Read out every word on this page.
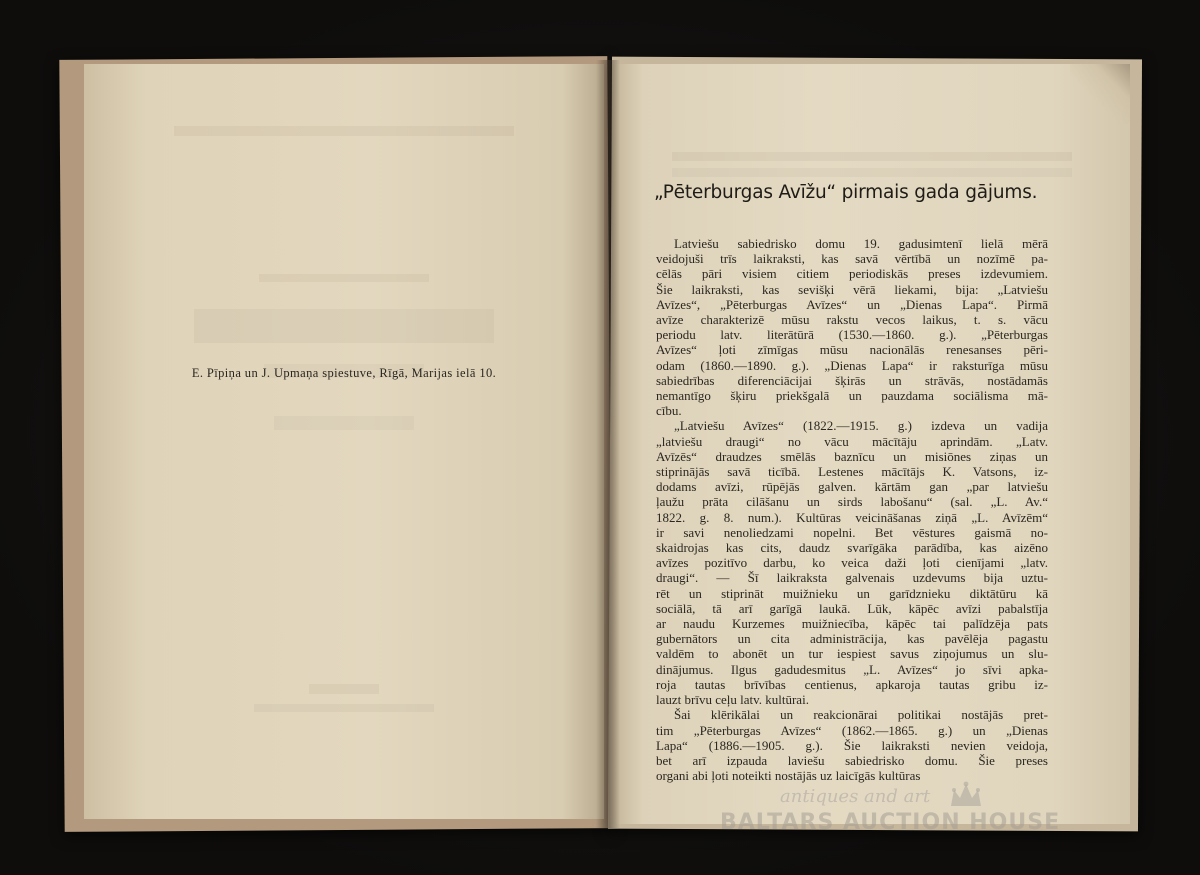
E. Pīpiņa un J. Upmaņa spiestuve, Rīgā, Marijas ielā 10.
„Pēterburgas Avīžu“ pirmais gada gājums.
Latviešu sabiedrisko domu 19. gadusimtenī lielā mērā
veidojuši trīs laikraksti, kas savā vērtībā un nozīmē pa-
cēlās pāri visiem citiem periodiskās preses izdevumiem.
Šie laikraksti, kas sevišķi vērā liekami, bija: „Latviešu
Avīzes“, „Pēterburgas Avīzes“ un „Dienas Lapa“. Pirmā
avīze charakterizē mūsu rakstu vecos laikus, t. s. vācu
periodu latv. literātūrā (1530.—1860. g.). „Pēterburgas
Avīzes“ ļoti zīmīgas mūsu nacionālās renesanses pēri-
odam (1860.—1890. g.). „Dienas Lapa“ ir raksturīga mūsu
sabiedrības diferenciācijai šķirās un strāvās, nostādamās
nemantīgo šķiru priekšgalā un pauzdama sociālisma mā-
cību.
„Latviešu Avīzes“ (1822.—1915. g.) izdeva un vadija
„latviešu draugi“ no vācu mācītāju aprindām. „Latv.
Avīzēs“ draudzes smēlās baznīcu un misiōnes ziņas un
stiprinājās savā ticībā. Lestenes mācītājs K. Vatsons, iz-
dodams avīzi, rūpējās galven. kārtām gan „par latviešu
ļaužu prāta cilāšanu un sirds labošanu“ (sal. „L. Av.“
1822. g. 8. num.). Kultūras veicināšanas ziņā „L. Avīzēm“
ir savi nenoliedzami nopelni. Bet vēstures gaismā no-
skaidrojas kas cits, daudz svarīgāka parādība, kas aizēno
avīzes pozitīvo darbu, ko veica daži ļoti cienījami „latv.
draugi“. — Šī laikraksta galvenais uzdevums bija uztu-
rēt un stiprināt muižnieku un garīdznieku diktātūru kā
sociālā, tā arī garīgā laukā. Lūk, kāpēc avīzi pabalstīja
ar naudu Kurzemes muižniecība, kāpēc tai palīdzēja pats
gubernātors un cita administrācija, kas pavēlēja pagastu
valdēm to abonēt un tur iespiest savus ziņojumus un slu-
dinājumus. Ilgus gadudesmitus „L. Avīzes“ jo sīvi apka-
roja tautas brīvības centienus, apkaroja tautas gribu iz-
lauzt brīvu ceļu latv. kultūrai.
Šai klērikālai un reakcionārai politikai nostājās pret-
tim „Pēterburgas Avīzes“ (1862.—1865. g.) un „Dienas
Lapa“ (1886.—1905. g.). Šie laikraksti nevien veidoja,
bet arī izpauda laviešu sabiedrisko domu. Šie preses
organi abi ļoti noteikti nostājās uz laicīgās kultūras
antiques and art
BALTARS AUCTION HOUSE
